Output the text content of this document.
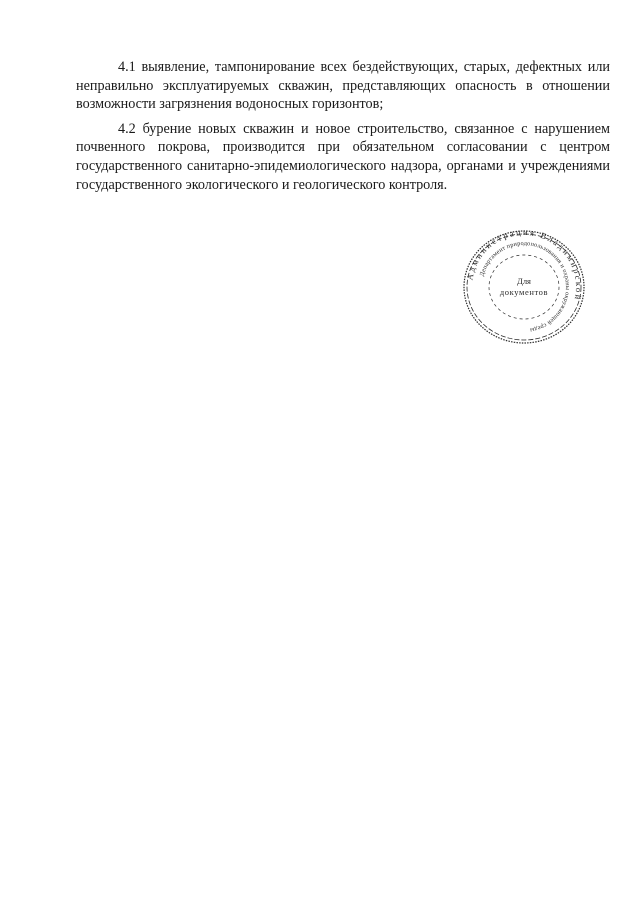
4.1 выявление, тампонирование всех бездействующих, старых, дефектных или неправильно эксплуатируемых скважин, представляющих опасность в отношении возможности загрязнения водоносных горизонтов;

4.2 бурение новых скважин и новое строительство, связанное с нарушением почвенного покрова, производится при обязательном согласовании с центром государственного санитарно-эпидемиологического надзора, органами и учреждениями государственного экологического и геологического контроля.

Администрация Владимирской
Департамент природопользования и охраны окружающей среды
Для
документов
